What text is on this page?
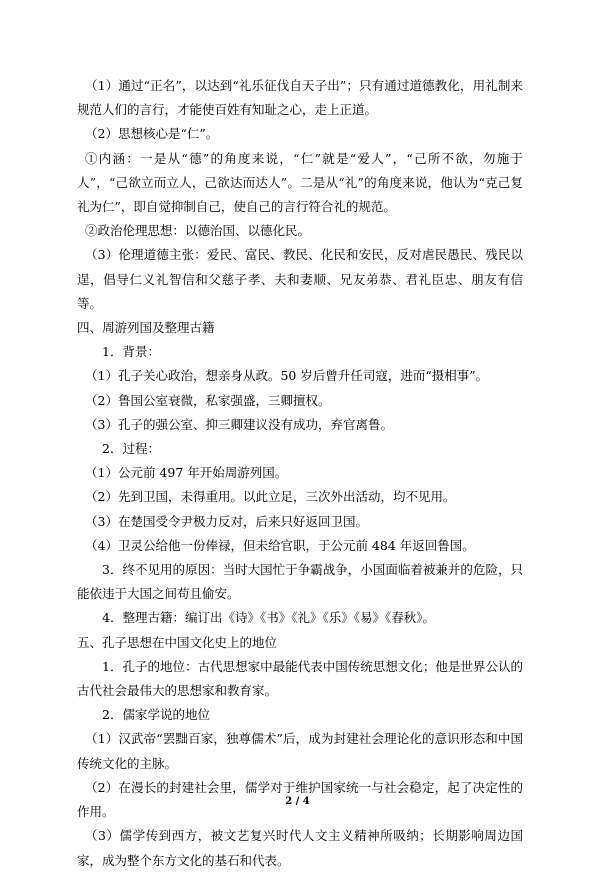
（1）通过“正名”，以达到“礼乐征伐自天子出”；只有通过道德教化，用礼制来规范人们的言行，才能使百姓有知耻之心，走上正道。

（2）思想核心是“仁”。

①内涵：一是从“德”的角度来说，“仁”就是“爱人”，“己所不欲，勿施于人”，“己欲立而立人，己欲达而达人”。二是从“礼”的角度来说，他认为“克己复礼为仁”，即自觉抑制自己，使自己的言行符合礼的规范。

②政治伦理思想：以德治国、以德化民。

（3）伦理道德主张：爱民、富民、教民、化民和安民，反对虐民愚民、残民以逞，倡导仁义礼智信和父慈子孝、夫和妻顺、兄友弟恭、君礼臣忠、朋友有信等。

四、周游列国及整理古籍

1．背景：

（1）孔子关心政治，想亲身从政。50 岁后曾升任司寇，进而“摄相事”。

（2）鲁国公室衰微，私家强盛，三卿擅权。

（3）孔子的强公室、抑三卿建议没有成功，弃官离鲁。

2．过程：

（1）公元前 497 年开始周游列国。

（2）先到卫国，未得重用。以此立足，三次外出活动，均不见用。

（3）在楚国受令尹极力反对，后来只好返回卫国。

（4）卫灵公给他一份俸禄，但未给官职，于公元前 484 年返回鲁国。

3．终不见用的原因：当时大国忙于争霸战争，小国面临着被兼并的危险，只能依违于大国之间苟且偷安。

4．整理古籍：编订出《诗》《书》《礼》《乐》《易》《春秋》。

五、孔子思想在中国文化史上的地位

1．孔子的地位：古代思想家中最能代表中国传统思想文化；他是世界公认的古代社会最伟大的思想家和教育家。

2．儒家学说的地位

（1）汉武帝“罢黜百家，独尊儒术”后，成为封建社会理论化的意识形态和中国传统文化的主脉。

（2）在漫长的封建社会里，儒学对于维护国家统一与社会稳定，起了决定性的作用。

（3）儒学传到西方，被文艺复兴时代人文主义精神所吸纳；长期影响周边国家，成为整个东方文化的基石和代表。

2 / 4
